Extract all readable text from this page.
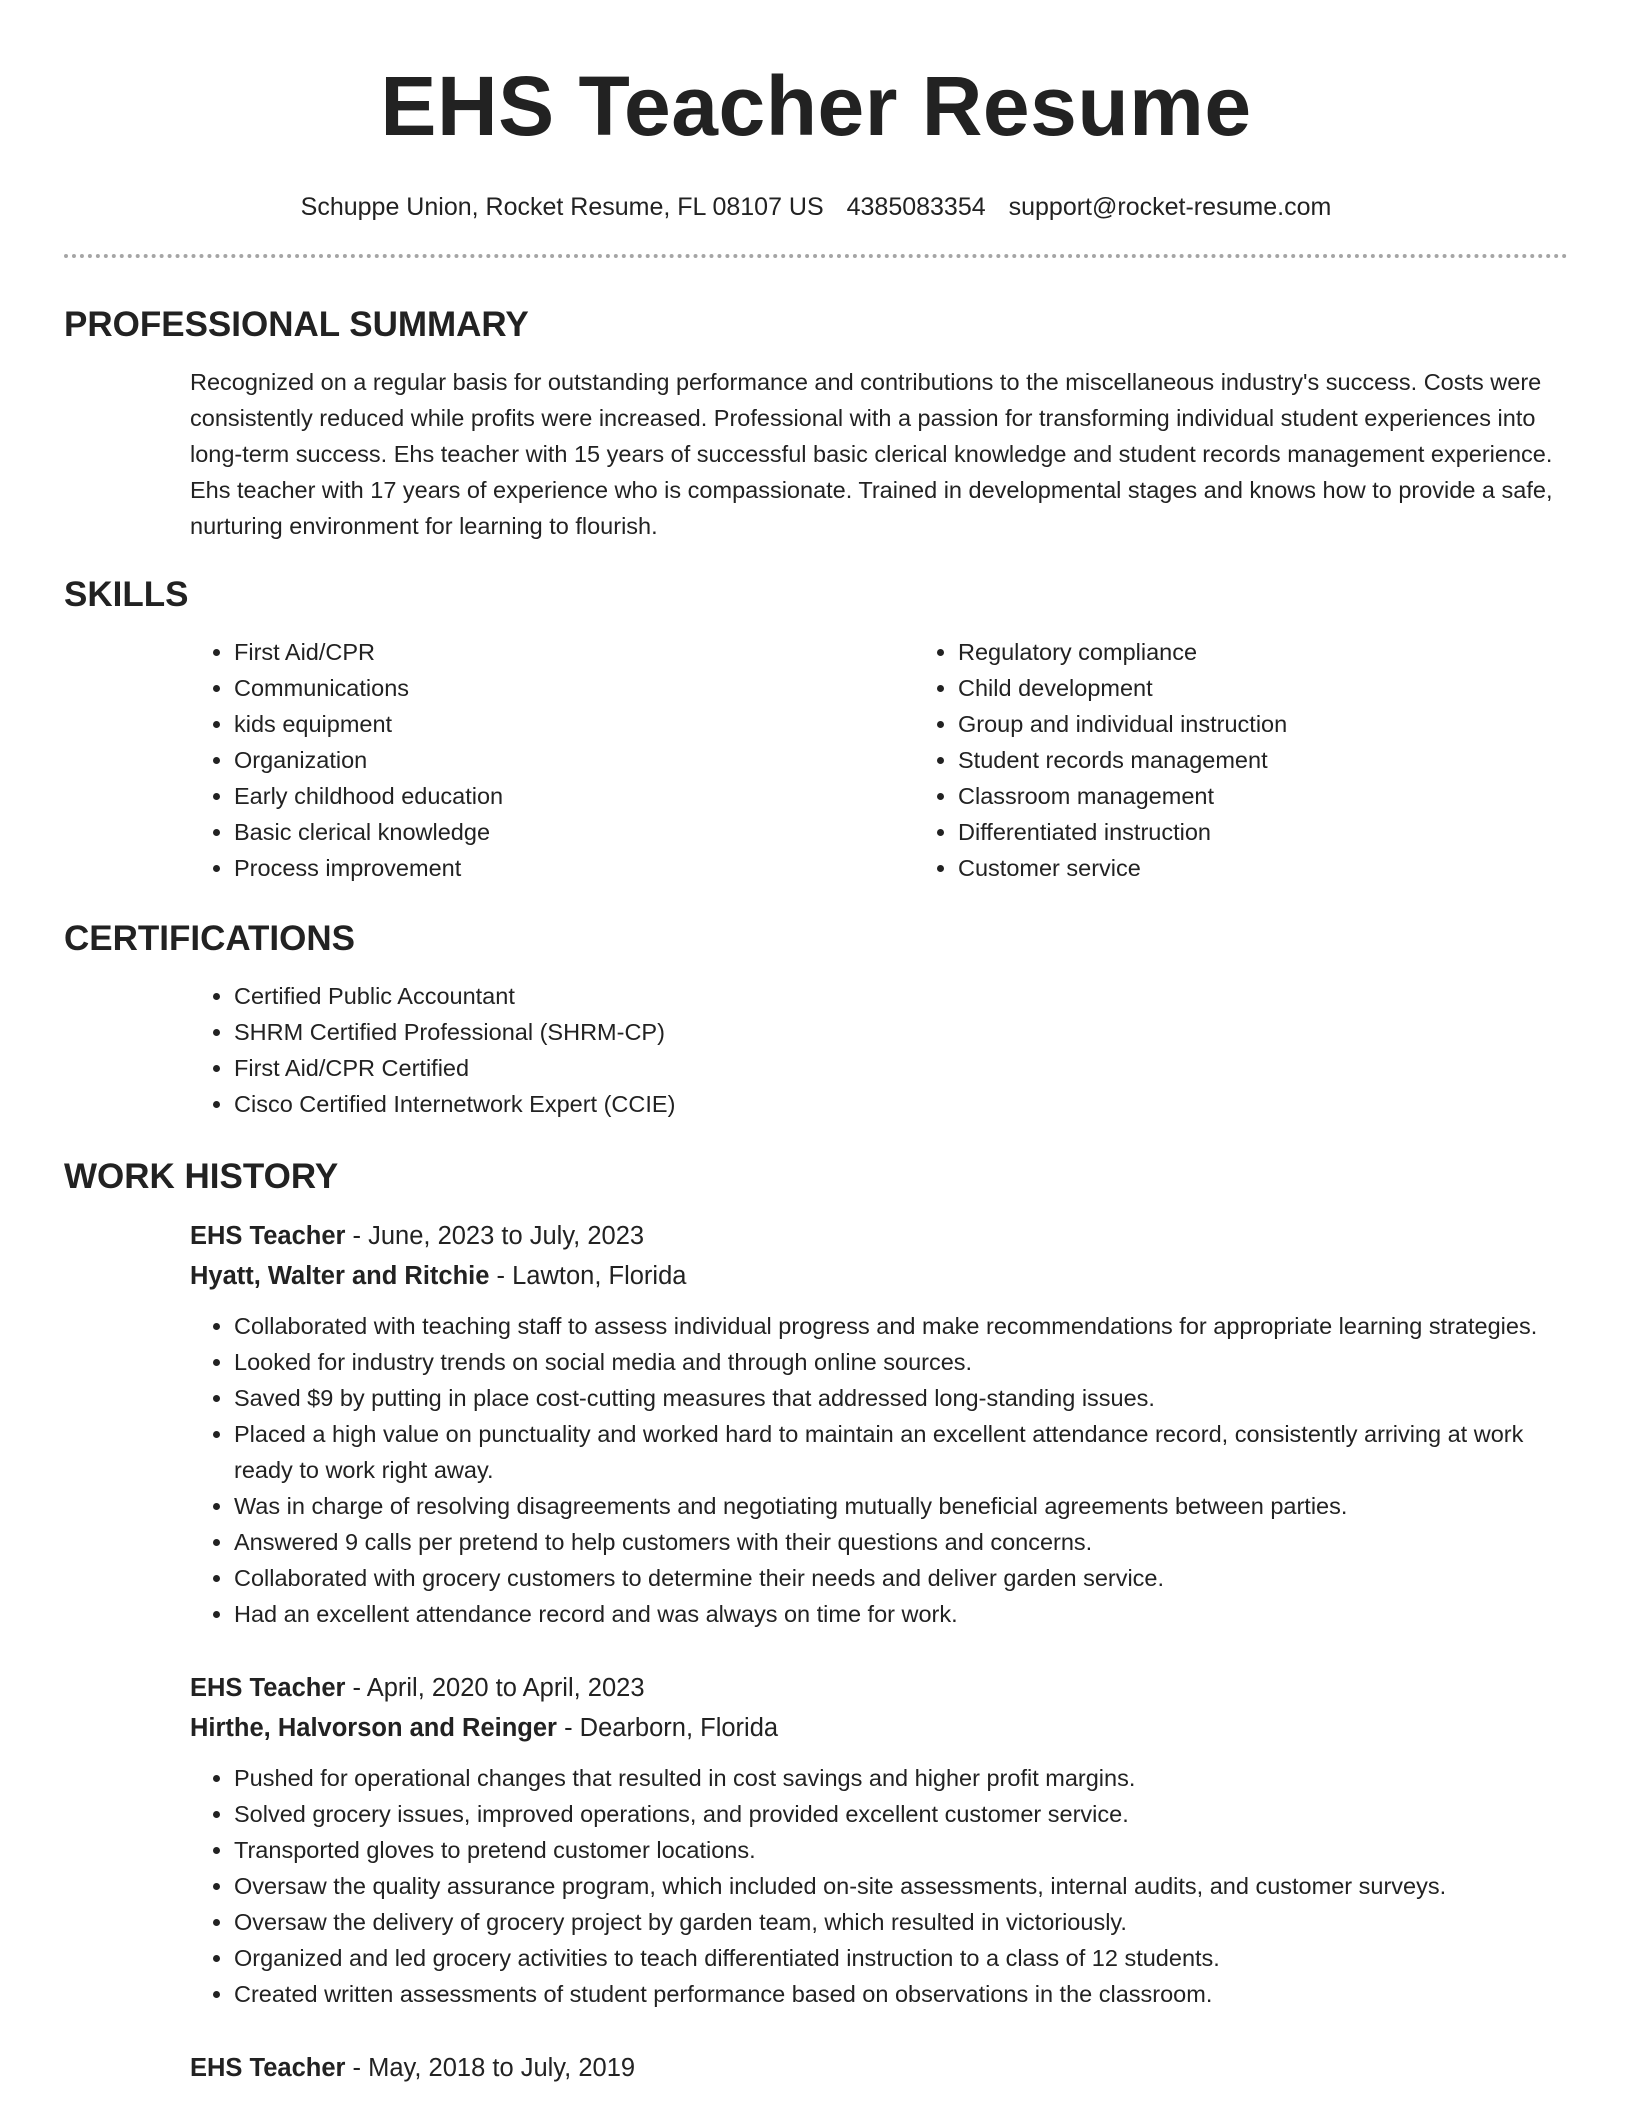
EHS Teacher Resume
Schuppe Union, Rocket Resume, FL 08107 US 4385083354 support@rocket-resume.com
PROFESSIONAL SUMMARY
Recognized on a regular basis for outstanding performance and contributions to the miscellaneous industry's success. Costs were consistently reduced while profits were increased. Professional with a passion for transforming individual student experiences into long-term success. Ehs teacher with 15 years of successful basic clerical knowledge and student records management experience. Ehs teacher with 17 years of experience who is compassionate. Trained in developmental stages and knows how to provide a safe, nurturing environment for learning to flourish.
SKILLS
• First Aid/CPR
• Communications
• kids equipment
• Organization
• Early childhood education
• Basic clerical knowledge
• Process improvement
• Regulatory compliance
• Child development
• Group and individual instruction
• Student records management
• Classroom management
• Differentiated instruction
• Customer service
CERTIFICATIONS
• Certified Public Accountant
• SHRM Certified Professional (SHRM-CP)
• First Aid/CPR Certified
• Cisco Certified Internetwork Expert (CCIE)
WORK HISTORY
EHS Teacher - June, 2023 to July, 2023
Hyatt, Walter and Ritchie - Lawton, Florida
• Collaborated with teaching staff to assess individual progress and make recommendations for appropriate learning strategies.
• Looked for industry trends on social media and through online sources.
• Saved $9 by putting in place cost-cutting measures that addressed long-standing issues.
• Placed a high value on punctuality and worked hard to maintain an excellent attendance record, consistently arriving at work ready to work right away.
• Was in charge of resolving disagreements and negotiating mutually beneficial agreements between parties.
• Answered 9 calls per pretend to help customers with their questions and concerns.
• Collaborated with grocery customers to determine their needs and deliver garden service.
• Had an excellent attendance record and was always on time for work.
EHS Teacher - April, 2020 to April, 2023
Hirthe, Halvorson and Reinger - Dearborn, Florida
• Pushed for operational changes that resulted in cost savings and higher profit margins.
• Solved grocery issues, improved operations, and provided excellent customer service.
• Transported gloves to pretend customer locations.
• Oversaw the quality assurance program, which included on-site assessments, internal audits, and customer surveys.
• Oversaw the delivery of grocery project by garden team, which resulted in victoriously.
• Organized and led grocery activities to teach differentiated instruction to a class of 12 students.
• Created written assessments of student performance based on observations in the classroom.
EHS Teacher - May, 2018 to July, 2019
